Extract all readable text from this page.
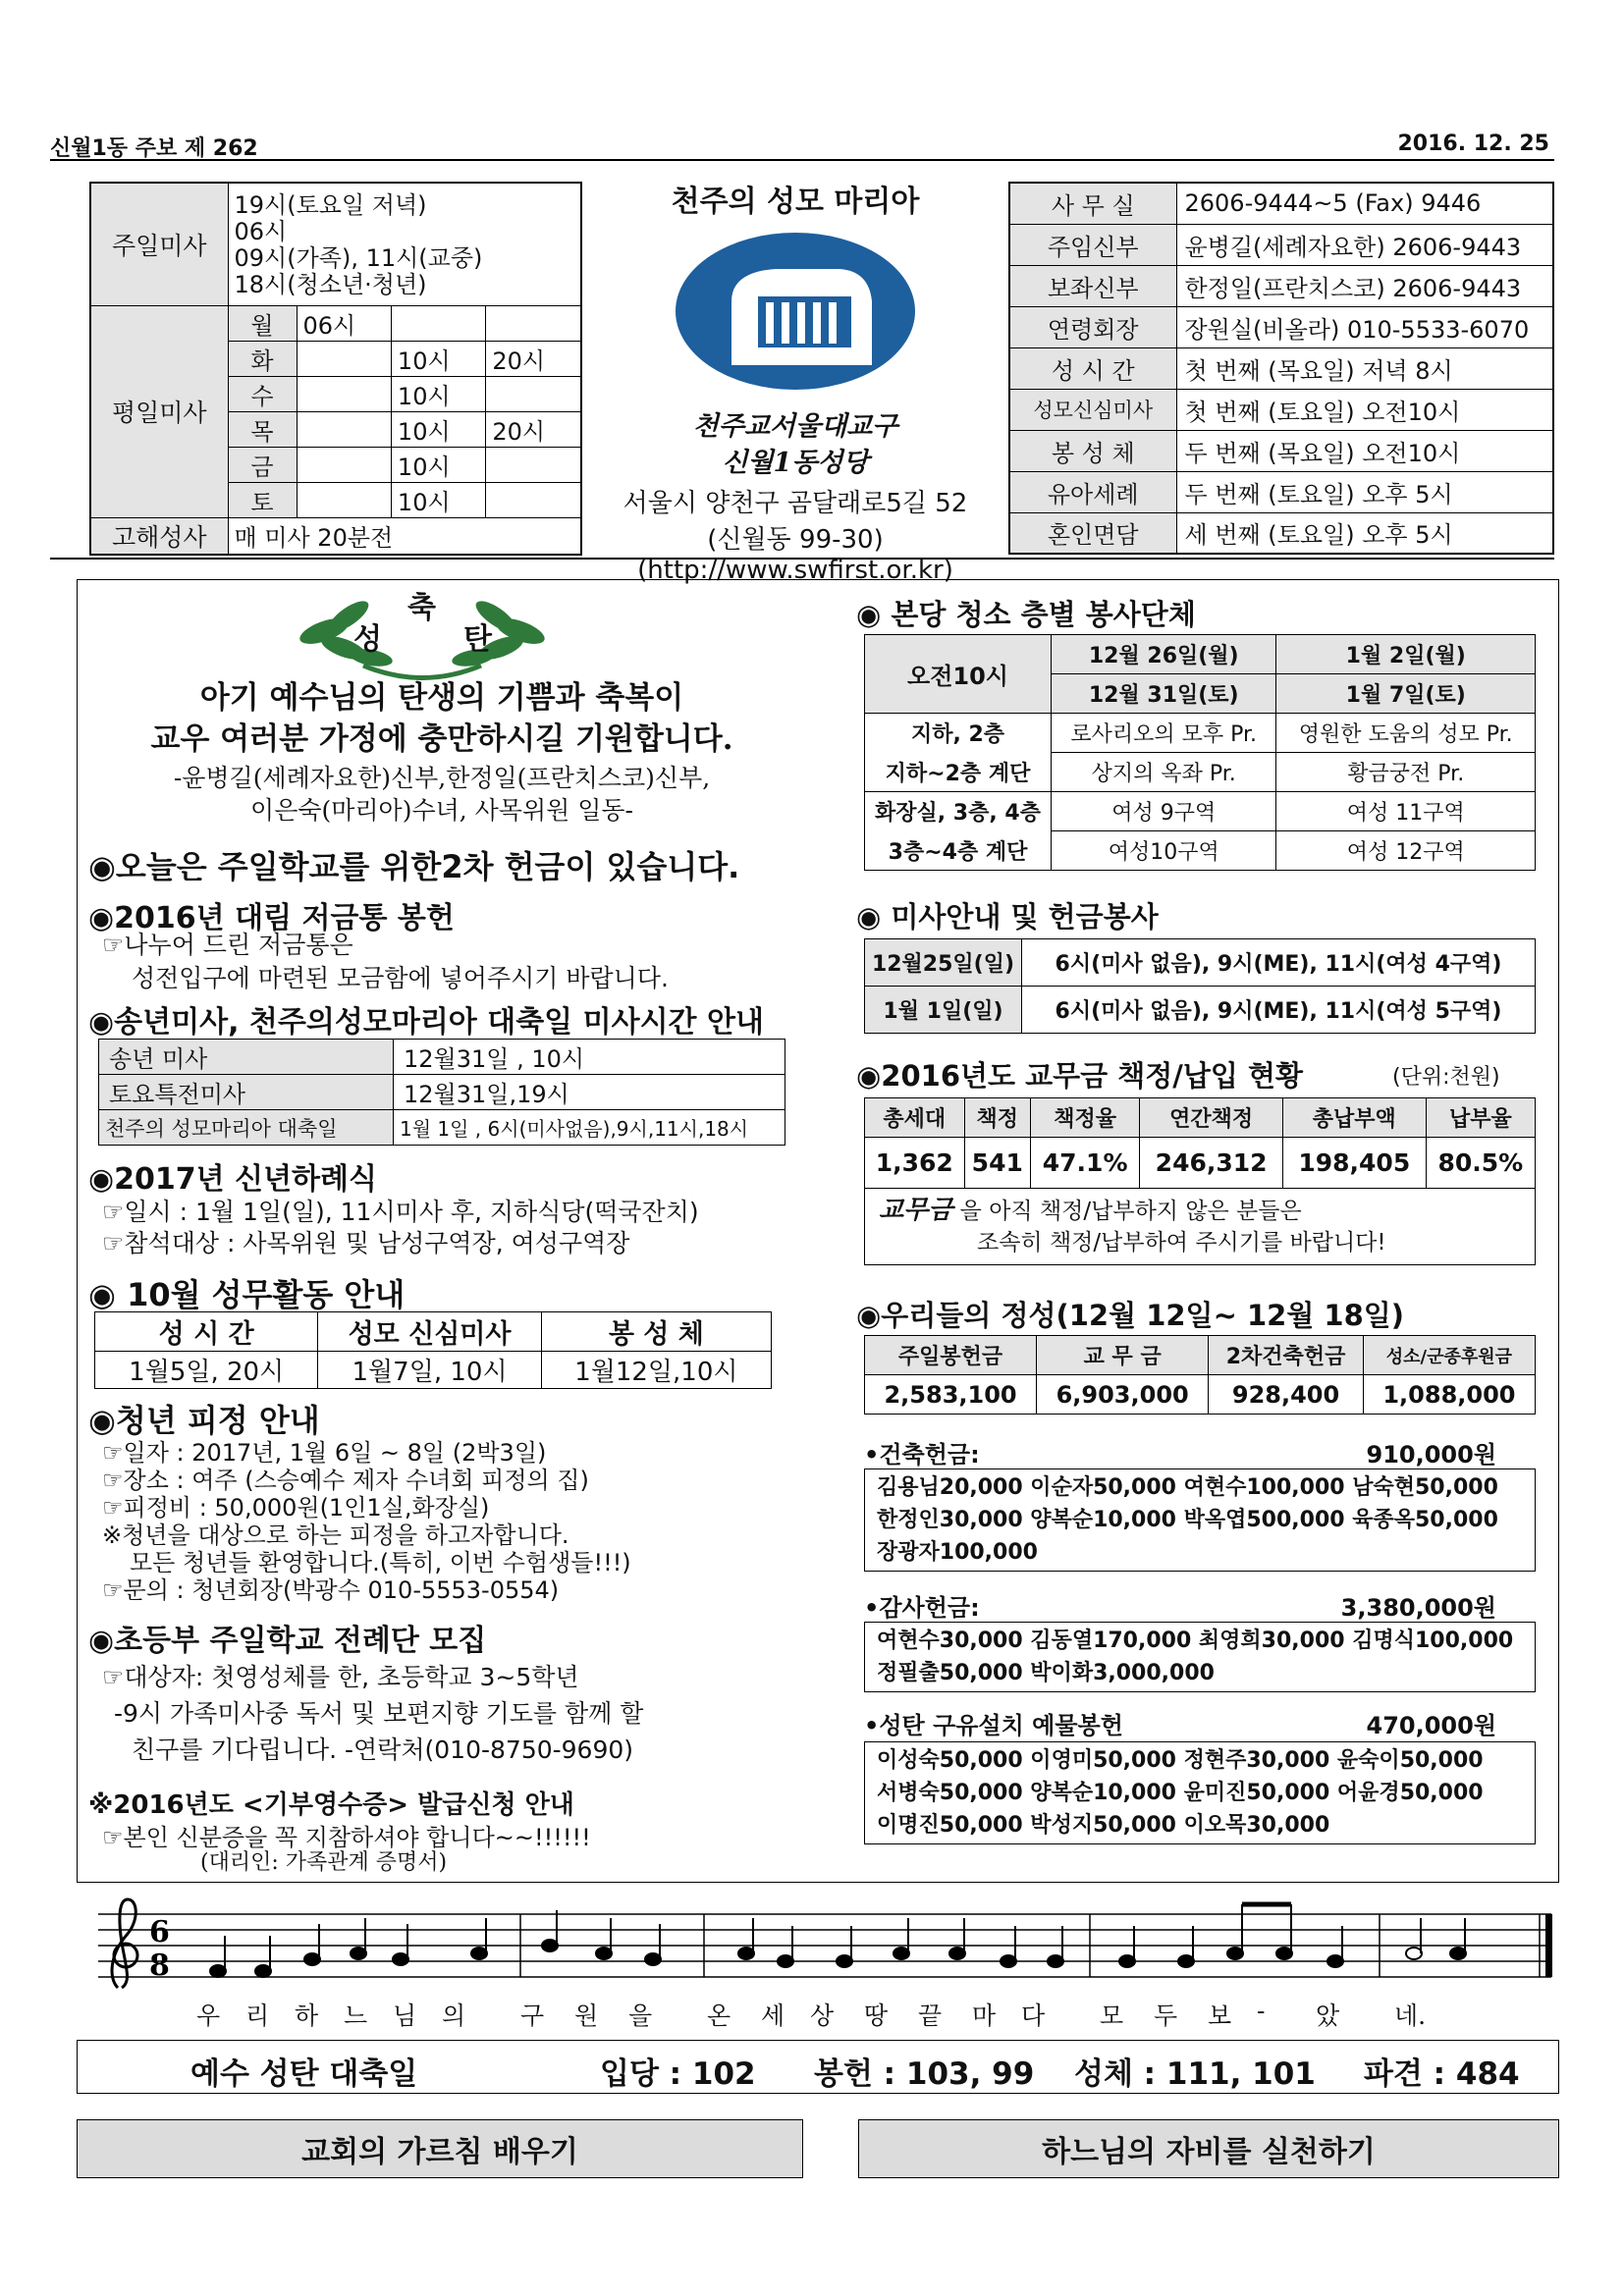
신월1동 주보 제 262	2016. 12. 25
주일미사	19시(토요일 저녁)
06시
09시(가족), 11시(교중)
18시(청소년·청년)			

평일미사	월	06시		
	화		10시	20시
	수		10시	
	목		10시	20시
	금		10시	
	토		10시	
고해성사	매 미사 20분전			
천주의 성모 마리아
천주교서울대교구
신월1동성당
서울시 양천구 곰달래로5길 52
(신월동 99-30)
(http://www.swfirst.or.kr)
사 무 실	2606-9444~5 (Fax) 9446
주임신부	윤병길(세례자요한) 2606-9443
보좌신부	한정일(프란치스코) 2606-9443
연령회장	장원실(비올라) 010-5533-6070
성 시 간	첫 번째 (목요일) 저녁 8시
성모신심미사	첫 번째 (토요일) 오전10시
봉 성 체	두 번째 (목요일) 오전10시
유아세례	두 번째 (토요일) 오후 5시
혼인면담	세 번째 (토요일) 오후 5시
축
성	탄
아기 예수님의 탄생의 기쁨과 축복이
교우 여러분 가정에 충만하시길 기원합니다.
-윤병길(세례자요한)신부,한정일(프란치스코)신부,
이은숙(마리아)수녀, 사목위원 일동-
◉오늘은 주일학교를 위한2차 헌금이 있습니다.
◉2016년 대림 저금통 봉헌
☞나누어 드린 저금통은
성전입구에 마련된 모금함에 넣어주시기 바랍니다.
◉송년미사, 천주의성모마리아 대축일 미사시간 안내
송년 미사	12월31일 , 10시
토요특전미사	12월31일,19시
천주의 성모마리아 대축일	1월 1일 , 6시(미사없음),9시,11시,18시
◉2017년 신년하례식
☞일시 : 1월 1일(일), 11시미사 후, 지하식당(떡국잔치)
☞참석대상 : 사목위원 및 남성구역장, 여성구역장
◉ 10월 성무활동 안내
성 시 간	성모 신심미사	봉 성 체
1월5일, 20시	1월7일, 10시	1월12일,10시
◉청년 피정 안내
☞일자 : 2017년, 1월 6일 ~ 8일 (2박3일)
☞장소 : 여주 (스승예수 제자 수녀회 피정의 집)
☞피정비 : 50,000원(1인1실,화장실)
※청년을 대상으로 하는 피정을 하고자합니다.
모든 청년들 환영합니다.(특히, 이번 수험생들!!!)
☞문의 : 청년회장(박광수 010-5553-0554)
◉초등부 주일학교 전례단 모집
☞대상자: 첫영성체를 한, 초등학교 3~5학년
-9시 가족미사중 독서 및 보편지향 기도를 함께 할
친구를 기다립니다. -연락처(010-8750-9690)
※2016년도 <기부영수증> 발급신청 안내
☞본인 신분증을 꼭 지참하셔야 합니다~~!!!!!!
(대리인: 가족관계 증명서)
◉ 본당 청소 층별 봉사단체
오전10시	12월 26일(월)	1월 2일(월)
	12월 31일(토)	1월 7일(토)
지하, 2층	로사리오의 모후 Pr.	영원한 도움의 성모 Pr.
지하~2층 계단	상지의 옥좌 Pr.	황금궁전 Pr.
화장실, 3층, 4층	여성 9구역	여성 11구역
3층~4층 계단	여성10구역	여성 12구역
◉ 미사안내 및 헌금봉사
12월25일(일)	6시(미사 없음), 9시(ME), 11시(여성 4구역)
1월 1일(일)	6시(미사 없음), 9시(ME), 11시(여성 5구역)
◉2016년도 교무금 책정/납입 현황	(단위:천원)
총세대	책정	책정율	연간책정	총납부액	납부율
1,362	541	47.1%	246,312	198,405	80.5%

교무금 을 아직 책정/납부하지 않은 분들은
조속히 책정/납부하여 주시기를 바랍니다!					
◉우리들의 정성(12월 12일~ 12월 18일)
주일봉헌금	교 무 금	2차건축헌금	성소/군종후원금
2,583,100	6,903,000	928,400	1,088,000
•건축헌금:	910,000원
김용님20,000 이순자50,000 여현수100,000 남숙현50,000
한정인30,000 양복순10,000 박옥엽500,000 육종옥50,000
장광자100,000
•감사헌금:	3,380,000원
여현수30,000 김동열170,000 최영희30,000 김명식100,000
정필출50,000 박이화3,000,000
•성탄 구유설치 예물봉헌	470,000원
이성숙50,000 이영미50,000 정현주30,000 윤숙이50,000
서병숙50,000 양복순10,000 윤미진50,000 어윤경50,000
이명진50,000 박성지50,000 이오목30,000
6
8
우	리	하	느	님	의	구	원	을	온	세	상	땅	끝	마	다	모	두	보	-	았	네.
예수 성탄 대축일	입당 : 102 봉헌 : 103, 99 성체 : 111, 101 파견 : 484
교회의 가르침 배우기	하느님의 자비를 실천하기
